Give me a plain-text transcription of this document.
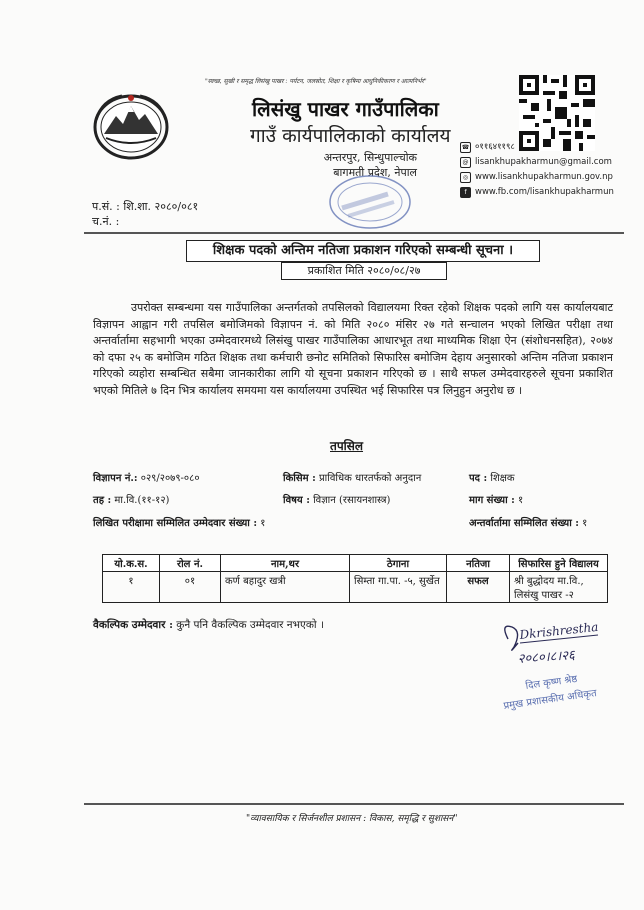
"स्वच्छ, सुखी र समृद्ध लिसंखु पाखर : पर्यटन, जलस्रोत, शिक्षा र कृषिमा आधुनिकीकरण र आत्मनिर्भर"
लिसंखु पाखर गाउँपालिका
गाउँ कार्यपालिकाको कार्यालय
अन्तरपुर, सिन्धुपाल्चोक
बागमती प्रदेश, नेपाल
☎ ०११६४११९८
@ lisankhupakharmun@gmail.com
◎ www.lisankhupakharmun.gov.np
f www.fb.com/lisankhupakharmun
प.सं. : शि.शा. २०८०/०८१
च.नं. :
शिक्षक पदको अन्तिम नतिजा प्रकाशन गरिएको सम्बन्धी सूचना ।
प्रकाशित मिति २०८०/०८/२७

उपरोक्त सम्बन्धमा यस गाउँपालिका अन्तर्गतको तपसिलको विद्यालयमा रिक्त रहेको शिक्षक पदको लागि यस कार्यालयबाट विज्ञापन आह्वान गरी तपसिल बमोजिमको विज्ञापन नं. को मिति २०८० मंसिर २७ गते सन्चालन भएको लिखित परीक्षा तथा अन्तर्वार्तामा सहभागी भएका उम्मेदवारमध्ये लिसंखु पाखर गाउँपालिका आधारभूत तथा माध्यमिक शिक्षा ऐन (संशोधनसहित), २०७४ को दफा २५ क बमोजिम गठित शिक्षक तथा कर्मचारी छनोट समितिको सिफारिस बमोजिम देहाय अनुसारको अन्तिम नतिजा प्रकाशन गरिएको व्यहोरा सम्बन्धित सबैमा जानकारीका लागि यो सूचना प्रकाशन गरिएको छ । साथै सफल उम्मेदवारहरुले सूचना प्रकाशित भएको मितिले ७ दिन भित्र कार्यालय समयमा यस कार्यालयमा उपस्थित भई सिफारिस पत्र लिनुहुन अनुरोध छ ।

तपसिल
विज्ञापन नं.: ०२९/२०७९-०८०	किसिम : प्राविधिक धारतर्फको अनुदान	पद : शिक्षक
तह : मा.वि.(११-१२)	विषय : विज्ञान (रसायनशास्त्र)	माग संख्या : १
लिखित परीक्षामा सम्मिलित उम्मेदवार संख्या : १	अन्तर्वार्तामा सम्मिलित संख्या : १
यो.क.स.	रोल नं.	नाम,थर	ठेगाना	नतिजा	सिफारिस हुने विद्यालय
१	०१	कर्ण बहादुर खत्री	सिम्ता गा.पा. -५, सुर्खेत	सफल	श्री बुद्धोदय मा.वि., लिसंखु पाखर -२
वैकल्पिक उम्मेदवार : कुनै पनि वैकल्पिक उम्मेदवार नभएको ।	Dkrishrestha
२०८०।८।२६
दिल कृष्ण श्रेष्ठ
प्रमुख प्रशासकीय अधिकृत
"व्यावसायिक र सिर्जनशील प्रशासन : विकास, समृद्धि र सुशासन"
